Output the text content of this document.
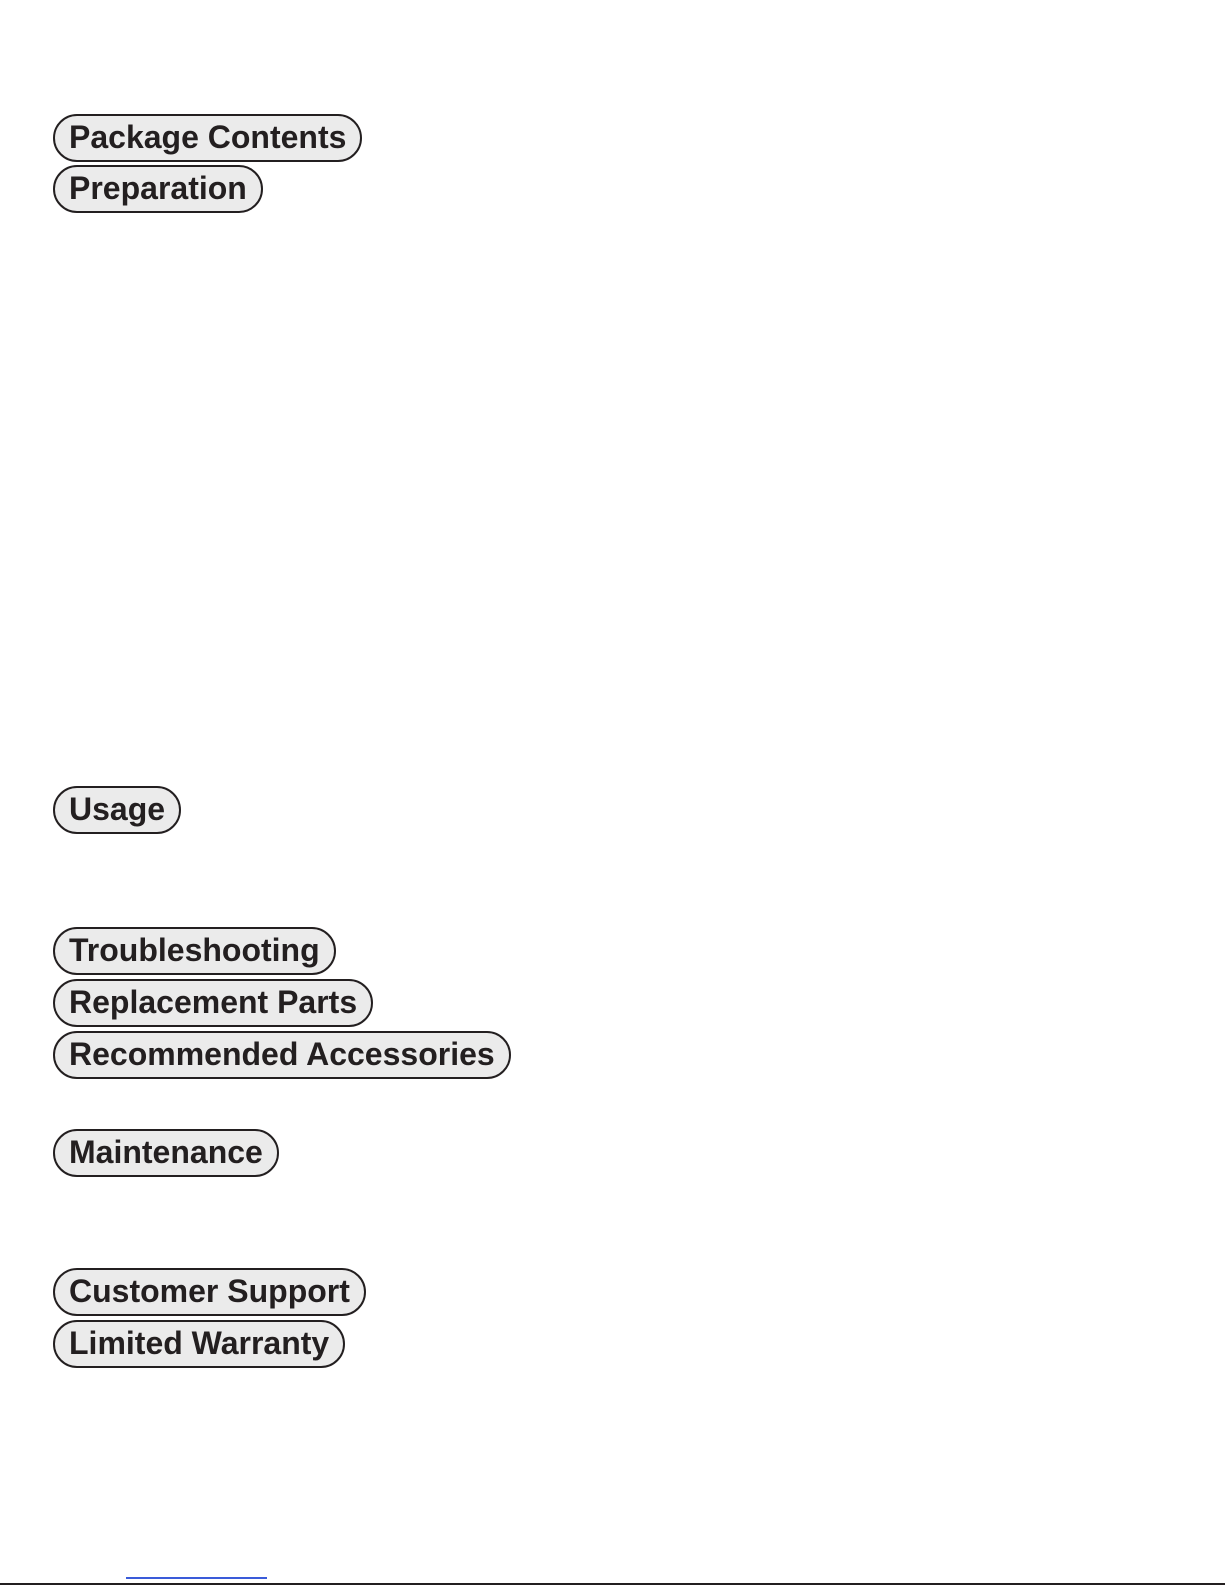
Package Contents
Preparation
Usage
Troubleshooting
Replacement Parts
Recommended Accessories
Maintenance
Customer Support
Limited Warranty
